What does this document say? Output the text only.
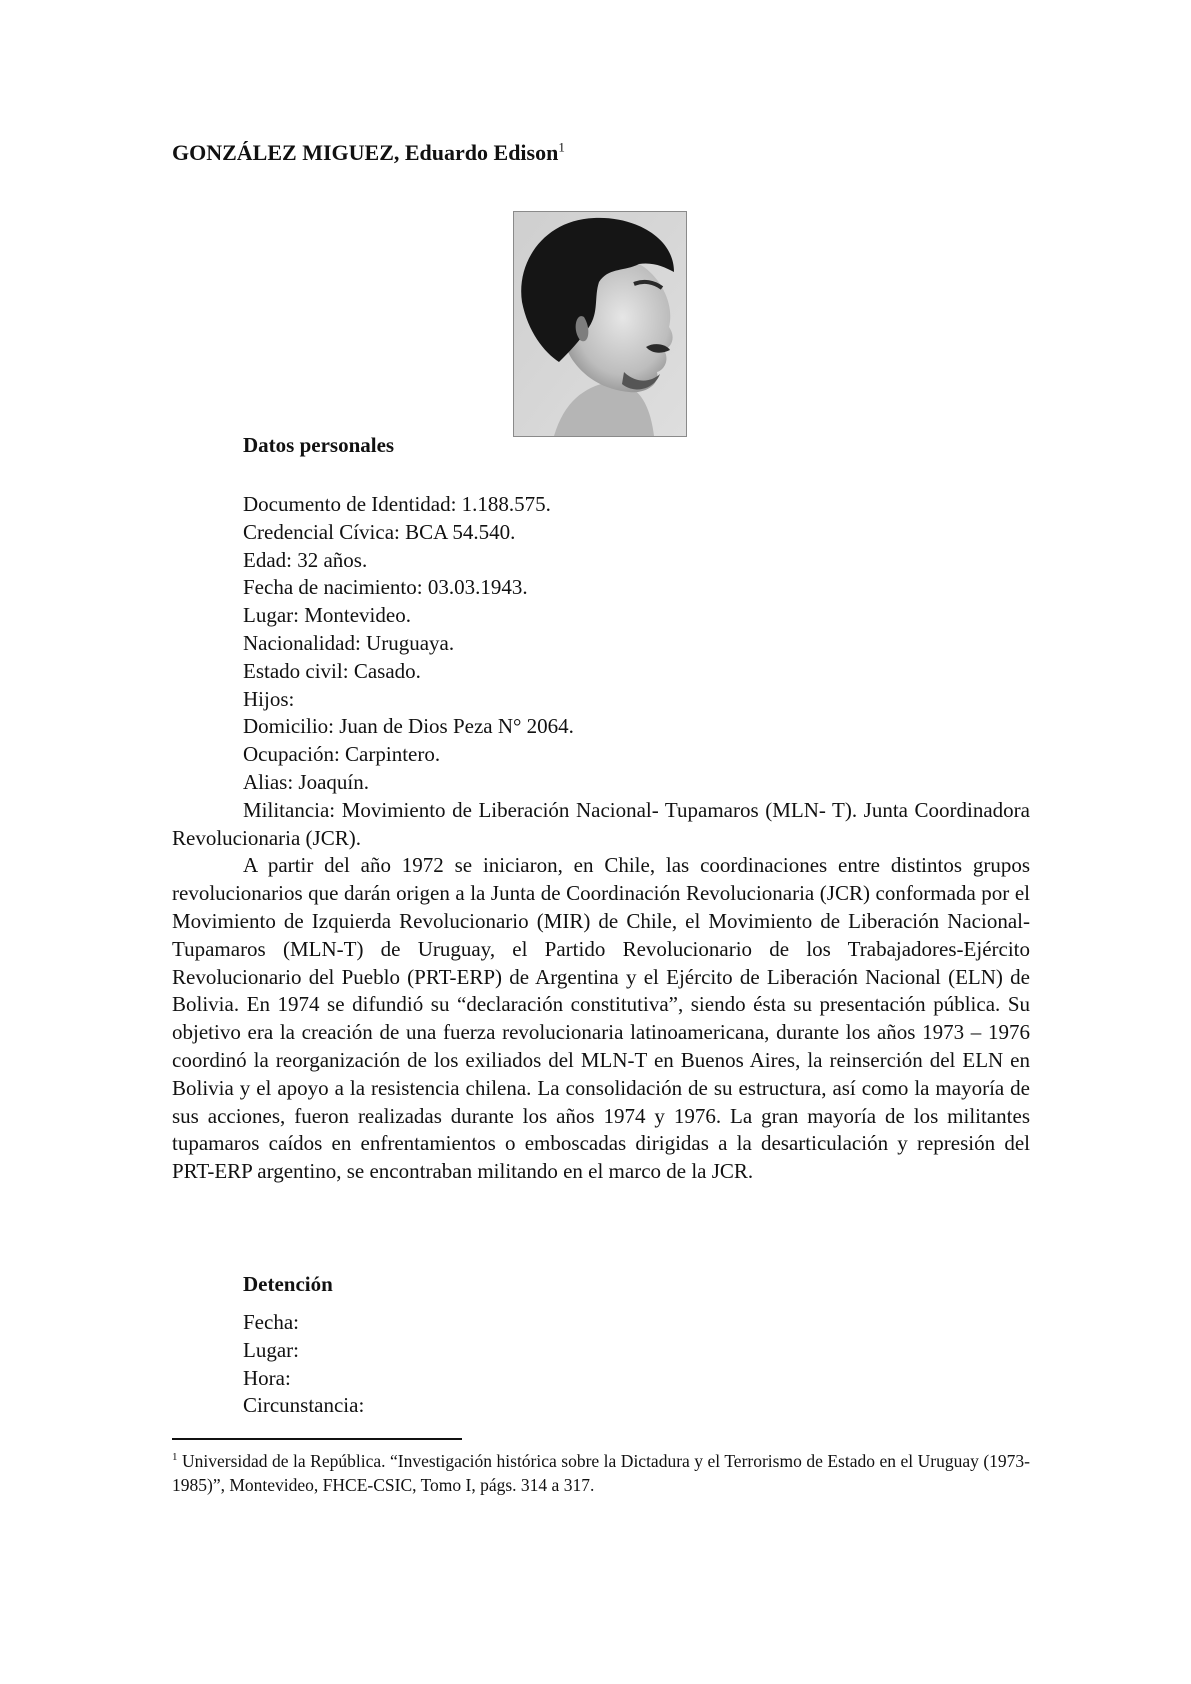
GONZÁLEZ MIGUEZ, Eduardo Edison$^1$
Datos personales
Documento de Identidad: 1.188.575.
Credencial Cívica: BCA 54.540.
Edad: 32 años.
Fecha de nacimiento: 03.03.1943.
Lugar: Montevideo.
Nacionalidad: Uruguaya.
Estado civil: Casado.
Hijos:
Domicilio: Juan de Dios Peza N° 2064.
Ocupación: Carpintero.
Alias: Joaquín.

Militancia: Movimiento de Liberación Nacional- Tupamaros (MLN- T). Junta Coordinadora Revolucionaria (JCR).

A partir del año 1972 se iniciaron, en Chile, las coordinaciones entre distintos grupos revolucionarios que darán origen a la Junta de Coordinación Revolucionaria (JCR) conformada por el Movimiento de Izquierda Revolucionario (MIR) de Chile, el Movimiento de Liberación Nacional-Tupamaros (MLN-T) de Uruguay, el Partido Revolucionario de los Trabajadores-Ejército Revolucionario del Pueblo (PRT-ERP) de Argentina y el Ejército de Liberación Nacional (ELN) de Bolivia. En 1974 se difundió su “declaración constitutiva”, siendo ésta su presentación pública. Su objetivo era la creación de una fuerza revolucionaria latinoamericana, durante los años 1973 – 1976 coordinó la reorganización de los exiliados del MLN-T en Buenos Aires, la reinserción del ELN en Bolivia y el apoyo a la resistencia chilena. La consolidación de su estructura, así como la mayoría de sus acciones, fueron realizadas durante los años 1974 y 1976. La gran mayoría de los militantes tupamaros caídos en enfrentamientos o emboscadas dirigidas a la desarticulación y represión del PRT-ERP argentino, se encontraban militando en el marco de la JCR.

Detención
Fecha:
Lugar:
Hora:
Circunstancia:
$^1$ Universidad de la República. “Investigación histórica sobre la Dictadura y el Terrorismo de Estado en el Uruguay (1973-1985)”, Montevideo, FHCE-CSIC, Tomo I, págs. 314 a 317.
